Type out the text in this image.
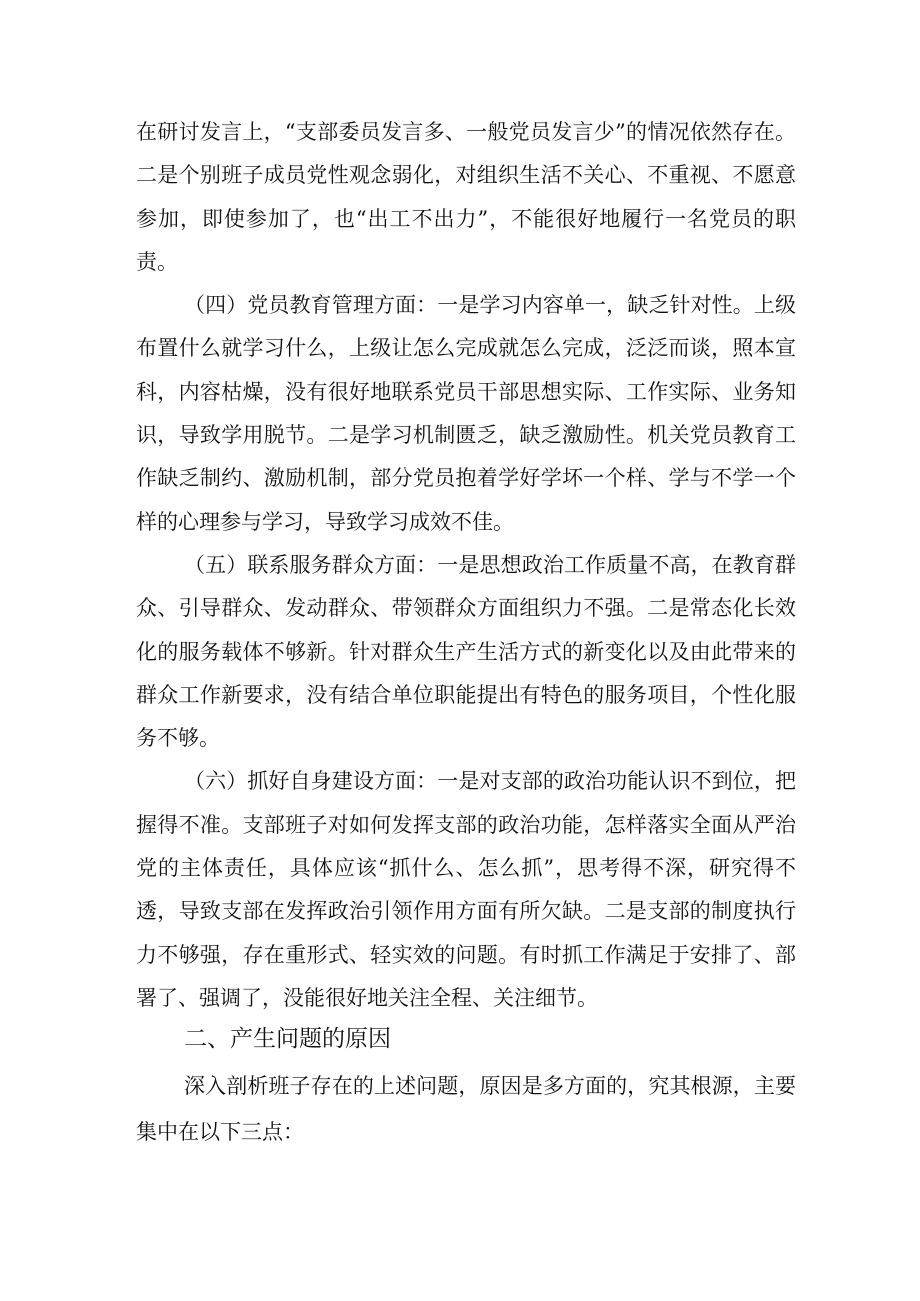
在研讨发言上，“支部委员发言多、一般党员发言少”的情况依然存在。二是个别班子成员党性观念弱化，对组织生活不关心、不重视、不愿意参加，即使参加了，也“出工不出力”，不能很好地履行一名党员的职责。

（四）党员教育管理方面：一是学习内容单一，缺乏针对性。上级布置什么就学习什么，上级让怎么完成就怎么完成，泛泛而谈，照本宣科，内容枯燥，没有很好地联系党员干部思想实际、工作实际、业务知识，导致学用脱节。二是学习机制匮乏，缺乏激励性。机关党员教育工作缺乏制约、激励机制，部分党员抱着学好学坏一个样、学与不学一个样的心理参与学习，导致学习成效不佳。

（五）联系服务群众方面：一是思想政治工作质量不高，在教育群众、引导群众、发动群众、带领群众方面组织力不强。二是常态化长效化的服务载体不够新。针对群众生产生活方式的新变化以及由此带来的群众工作新要求，没有结合单位职能提出有特色的服务项目，个性化服务不够。

（六）抓好自身建设方面：一是对支部的政治功能认识不到位，把握得不准。支部班子对如何发挥支部的政治功能，怎样落实全面从严治党的主体责任，具体应该“抓什么、怎么抓”，思考得不深，研究得不透，导致支部在发挥政治引领作用方面有所欠缺。二是支部的制度执行力不够强，存在重形式、轻实效的问题。有时抓工作满足于安排了、部署了、强调了，没能很好地关注全程、关注细节。

二、产生问题的原因

深入剖析班子存在的上述问题，原因是多方面的，究其根源，主要集中在以下三点：
